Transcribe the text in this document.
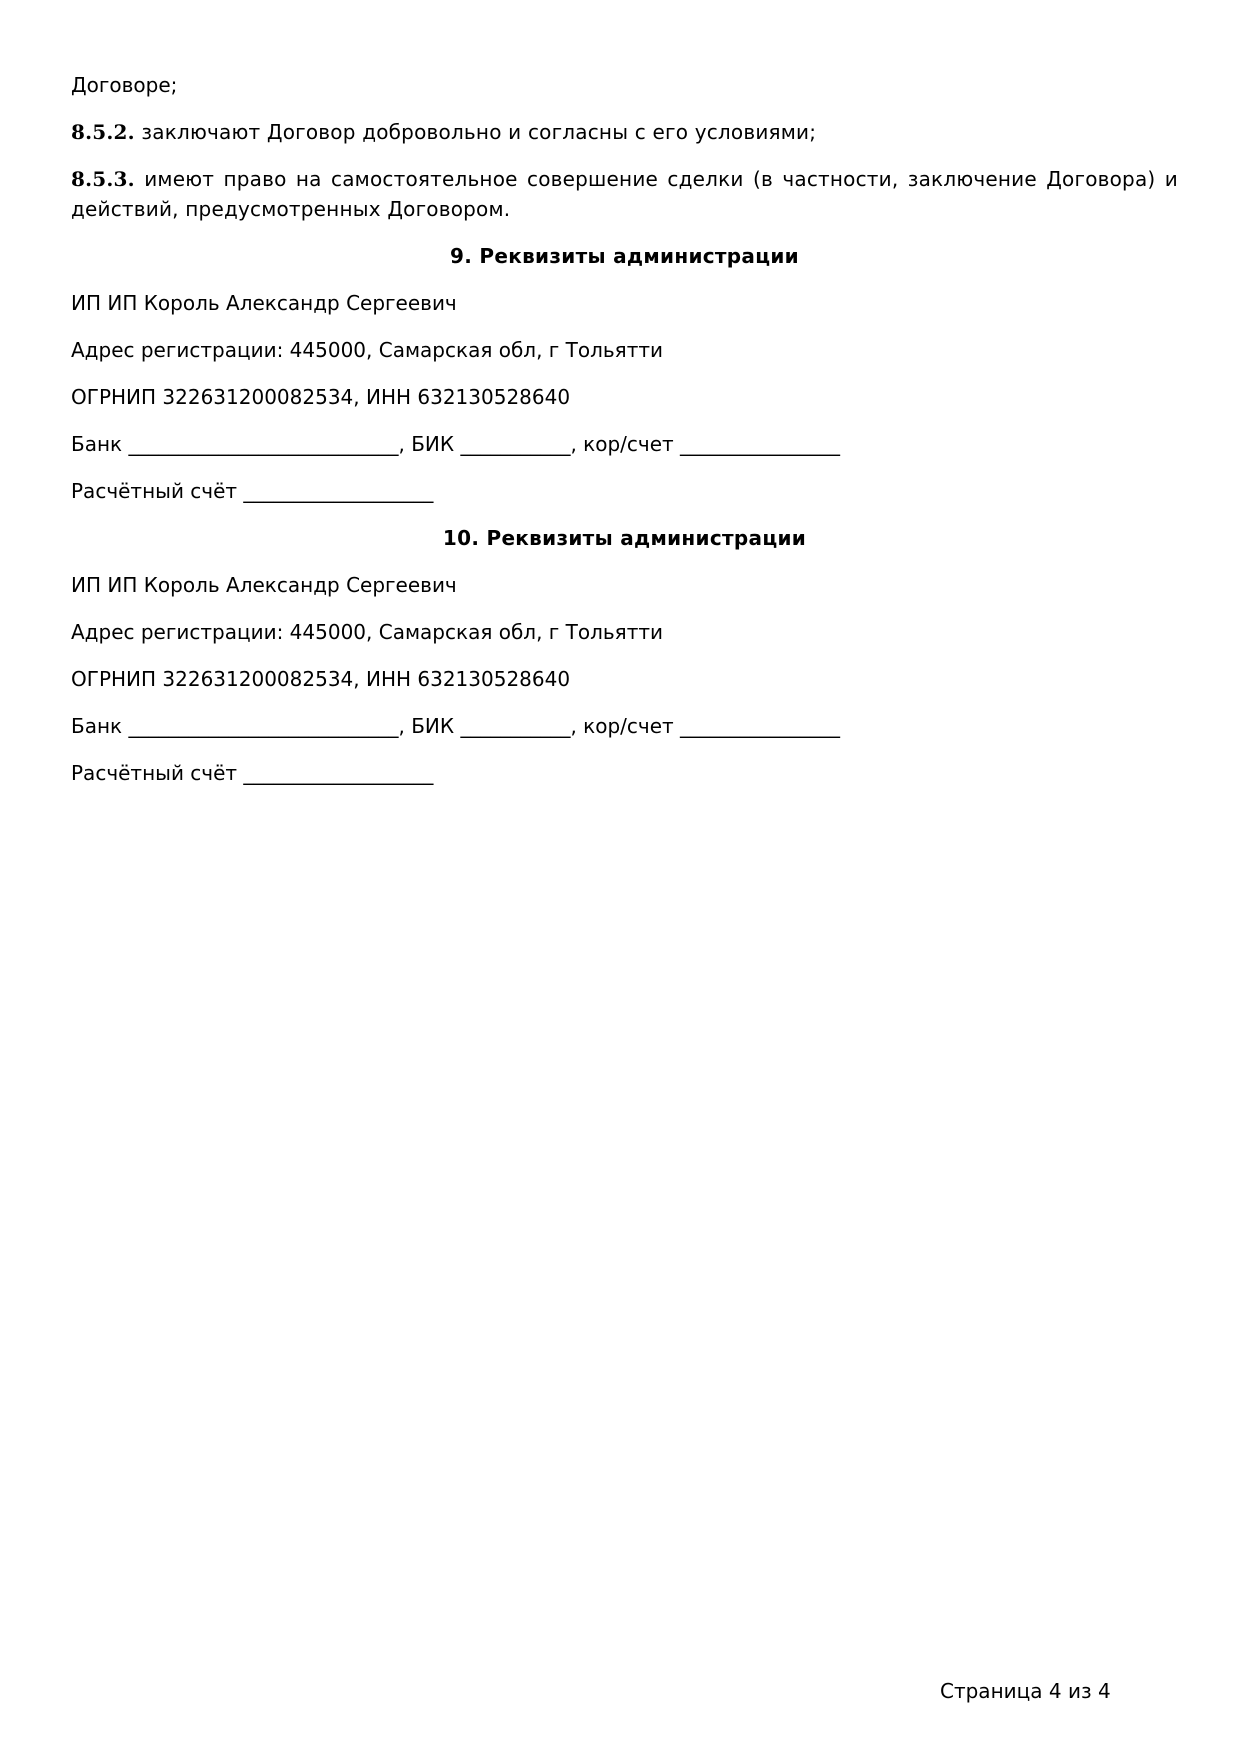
Договоре;

8.5.2. заключают Договор добровольно и согласны с его условиями;

8.5.3. имеют право на самостоятельное совершение сделки (в частности, заключение Договора) и действий, предусмотренных Договором.

9. Реквизиты администрации

ИП ИП Король Александр Сергеевич

Адрес регистрации: 445000, Самарская обл, г Тольятти

ОГРНИП 322631200082534, ИНН 632130528640

Банк ___________________________, БИК ___________, кор/счет ________________

Расчётный счёт ___________________

10. Реквизиты администрации

ИП ИП Король Александр Сергеевич

Адрес регистрации: 445000, Самарская обл, г Тольятти

ОГРНИП 322631200082534, ИНН 632130528640

Банк ___________________________, БИК ___________, кор/счет ________________

Расчётный счёт ___________________

Страница 4 из 4
